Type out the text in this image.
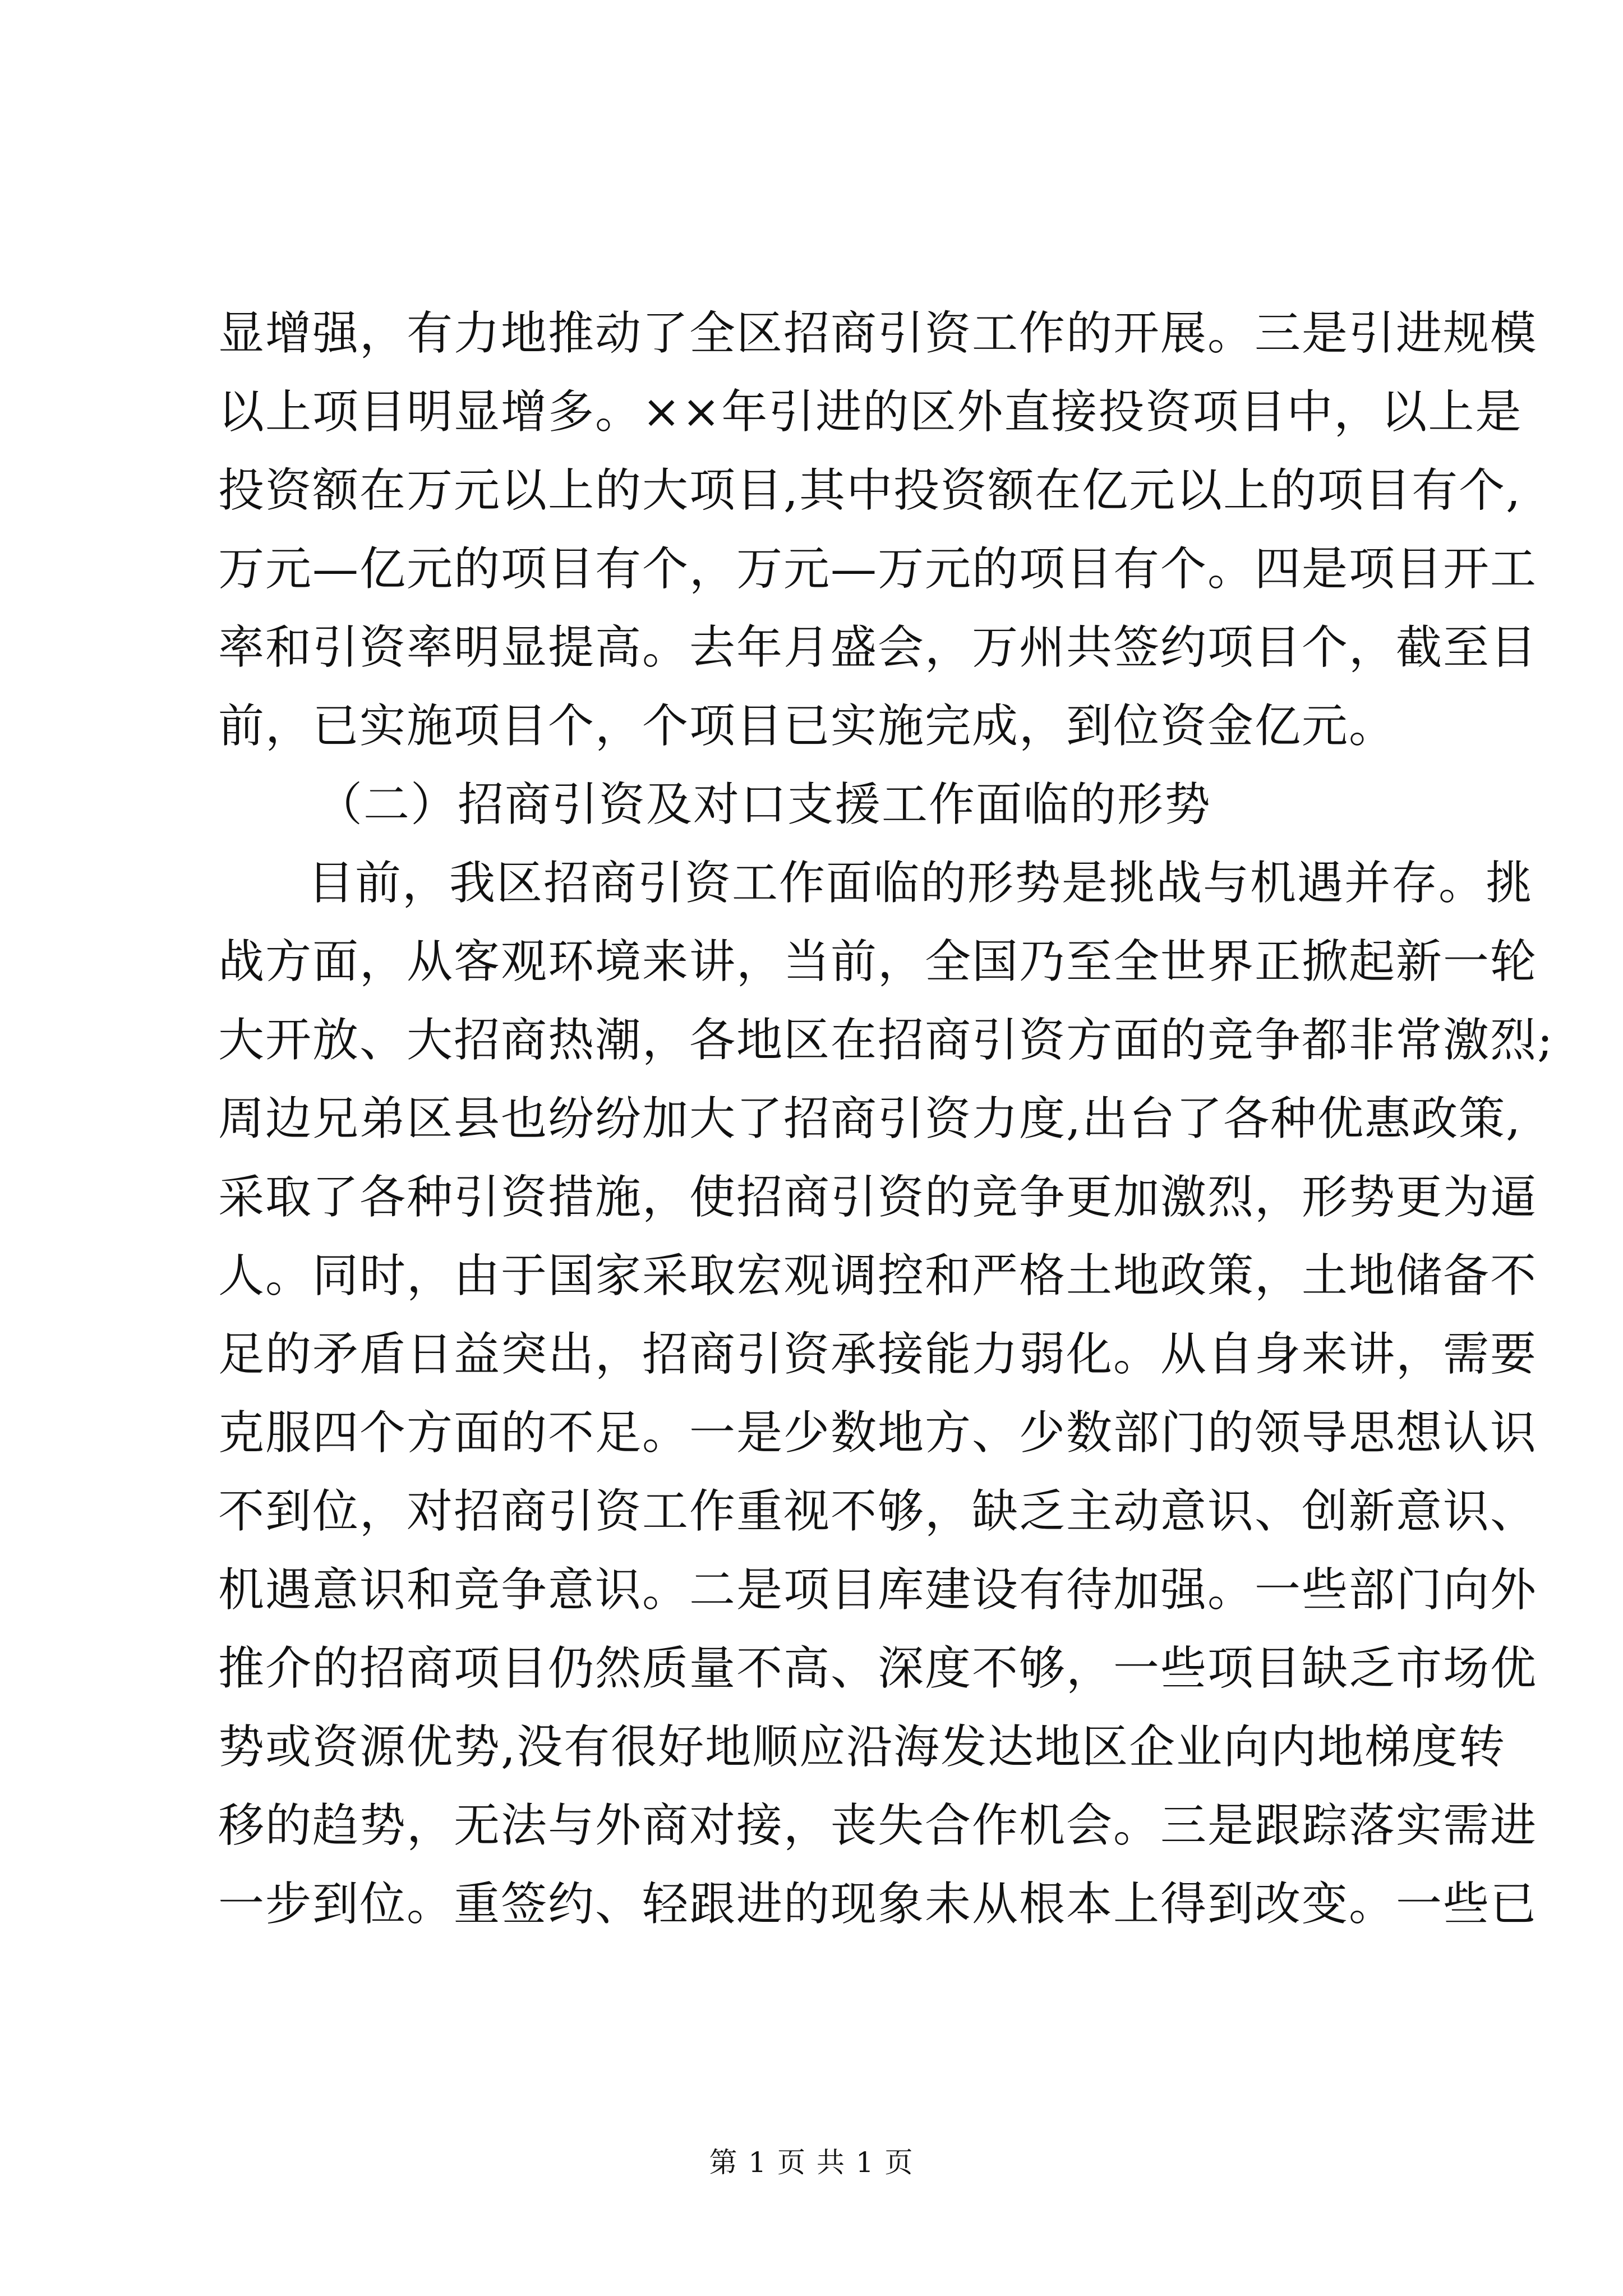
显增强，有力地推动了全区招商引资工作的开展。三是引进规模
以上项目明显增多。××年引进的区外直接投资项目中，以上是
投资额在万元以上的大项目,其中投资额在亿元以上的项目有个,
万元—亿元的项目有个，万元—万元的项目有个。四是项目开工
率和引资率明显提高。去年月盛会，万州共签约项目个，截至目
前，已实施项目个，个项目已实施完成，到位资金亿元。
（二）招商引资及对口支援工作面临的形势
目前，我区招商引资工作面临的形势是挑战与机遇并存。挑
战方面，从客观环境来讲，当前，全国乃至全世界正掀起新一轮
大开放、大招商热潮，各地区在招商引资方面的竞争都非常激烈;
周边兄弟区县也纷纷加大了招商引资力度,出台了各种优惠政策,
采取了各种引资措施，使招商引资的竞争更加激烈，形势更为逼
人。同时，由于国家采取宏观调控和严格土地政策，土地储备不
足的矛盾日益突出，招商引资承接能力弱化。从自身来讲，需要
克服四个方面的不足。一是少数地方、少数部门的领导思想认识
不到位，对招商引资工作重视不够，缺乏主动意识、创新意识、
机遇意识和竞争意识。二是项目库建设有待加强。一些部门向外
推介的招商项目仍然质量不高、深度不够，一些项目缺乏市场优
势或资源优势,没有很好地顺应沿海发达地区企业向内地梯度转
移的趋势，无法与外商对接，丧失合作机会。三是跟踪落实需进
一步到位。重签约、轻跟进的现象未从根本上得到改变。一些已
第 1 页 共 1 页
